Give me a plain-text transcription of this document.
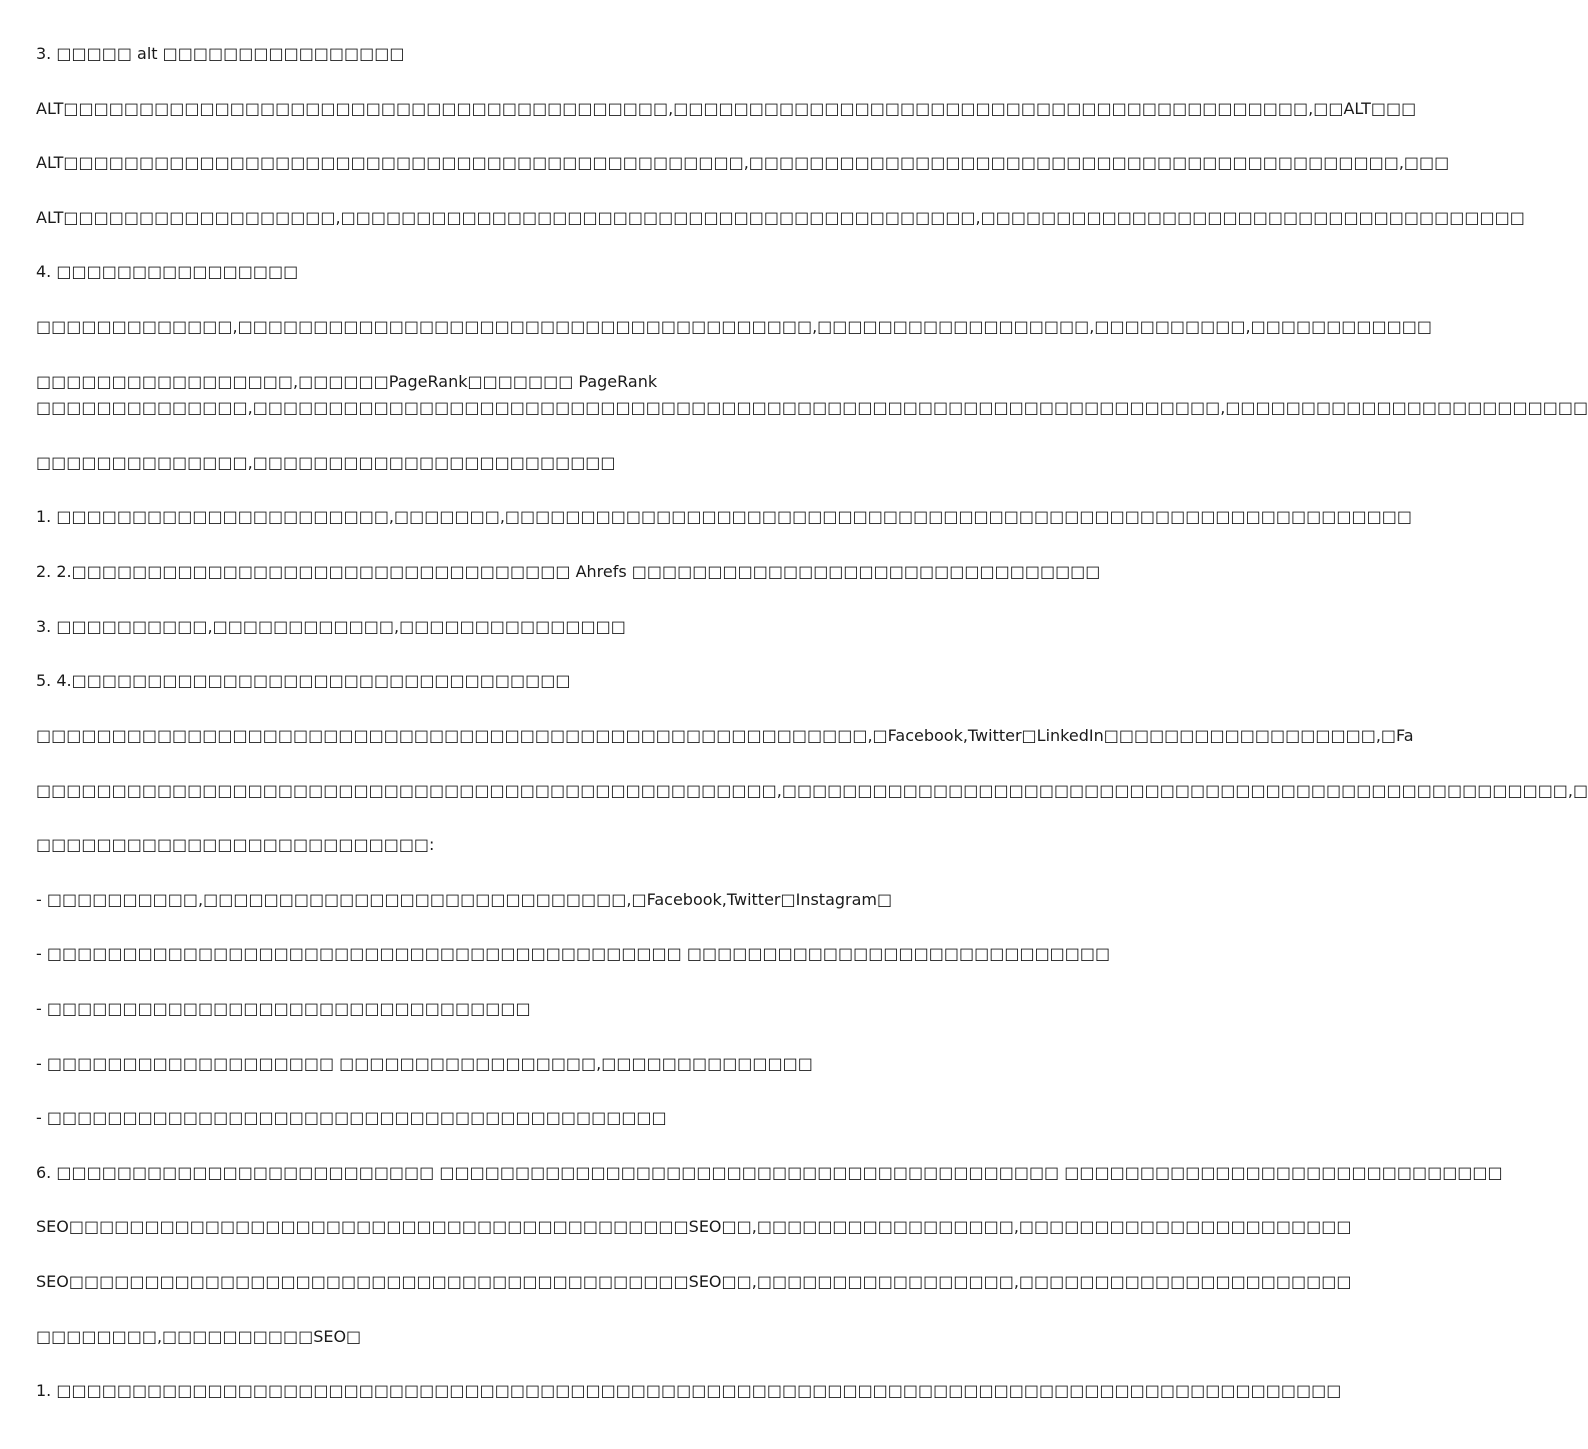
3. □□□□□ alt □□□□□□□□□□□□□□□□
ALT□□□□□□□□□□□□□□□□□□□□□□□□□□□□□□□□□□□□□□□□,□□□□□□□□□□□□□□□□□□□□□□□□□□□□□□□□□□□□□□□□□□,□□ALT□□□
ALT□□□□□□□□□□□□□□□□□□□□□□□□□□□□□□□□□□□□□□□□□□□□□,□□□□□□□□□□□□□□□□□□□□□□□□□□□□□□□□□□□□□□□□□□□,□□□
ALT□□□□□□□□□□□□□□□□□□,□□□□□□□□□□□□□□□□□□□□□□□□□□□□□□□□□□□□□□□□□□,□□□□□□□□□□□□□□□□□□□□□□□□□□□□□□□□□□□□
4. □□□□□□□□□□□□□□□□
□□□□□□□□□□□□□,□□□□□□□□□□□□□□□□□□□□□□□□□□□□□□□□□□□□□□,□□□□□□□□□□□□□□□□□□,□□□□□□□□□□,□□□□□□□□□□□□
□□□□□□□□□□□□□□□□□,□□□□□□PageRank□□□□□□□ PageRank
□□□□□□□□□□□□□□,□□□□□□□□□□□□□□□□□□□□□□□□□□□□□□□□□□□□□□□□□□□□□□□□□□□□□□□□□□□□□□□□,□□□□□□□□□□□□□□□□□□□□□□□□
□□□□□□□□□□□□□□,□□□□□□□□□□□□□□□□□□□□□□□□
1. □□□□□□□□□□□□□□□□□□□□□□,□□□□□□□,□□□□□□□□□□□□□□□□□□□□□□□□□□□□□□□□□□□□□□□□□□□□□□□□□□□□□□□□□□□□
2. 2.□□□□□□□□□□□□□□□□□□□□□□□□□□□□□□□□□ Ahrefs □□□□□□□□□□□□□□□□□□□□□□□□□□□□□□□
3. □□□□□□□□□□,□□□□□□□□□□□□,□□□□□□□□□□□□□□□
5. 4.□□□□□□□□□□□□□□□□□□□□□□□□□□□□□□□□□
□□□□□□□□□□□□□□□□□□□□□□□□□□□□□□□□□□□□□□□□□□□□□□□□□□□□□□□,□Facebook,Twitter□LinkedIn□□□□□□□□□□□□□□□□□□,□Fa
□□□□□□□□□□□□□□□□□□□□□□□□□□□□□□□□□□□□□□□□□□□□□□□□□,□□□□□□□□□□□□□□□□□□□□□□□□□□□□□□□□□□□□□□□□□□□□□□□□□□□□,□
□□□□□□□□□□□□□□□□□□□□□□□□□□:
- □□□□□□□□□□,□□□□□□□□□□□□□□□□□□□□□□□□□□□□,□Facebook,Twitter□Instagram□
- □□□□□□□□□□□□□□□□□□□□□□□□□□□□□□□□□□□□□□□□□□ □□□□□□□□□□□□□□□□□□□□□□□□□□□□
- □□□□□□□□□□□□□□□□□□□□□□□□□□□□□□□□
- □□□□□□□□□□□□□□□□□□□ □□□□□□□□□□□□□□□□□,□□□□□□□□□□□□□□
- □□□□□□□□□□□□□□□□□□□□□□□□□□□□□□□□□□□□□□□□□
6. □□□□□□□□□□□□□□□□□□□□□□□□□ □□□□□□□□□□□□□□□□□□□□□□□□□□□□□□□□□□□□□□□□□ □□□□□□□□□□□□□□□□□□□□□□□□□□□□□
SEO□□□□□□□□□□□□□□□□□□□□□□□□□□□□□□□□□□□□□□□□□SEO□□,□□□□□□□□□□□□□□□□□,□□□□□□□□□□□□□□□□□□□□□□
SEO□□□□□□□□□□□□□□□□□□□□□□□□□□□□□□□□□□□□□□□□□SEO□□,□□□□□□□□□□□□□□□□□,□□□□□□□□□□□□□□□□□□□□□□
□□□□□□□□,□□□□□□□□□□SEO□
1. □□□□□□□□□□□□□□□□□□□□□□□□□□□□□□□□□□□□□□□□□□□□□□□□□□□□□□□□□□□□□□□□□□□□□□□□□□□□□□□□□□□□□
